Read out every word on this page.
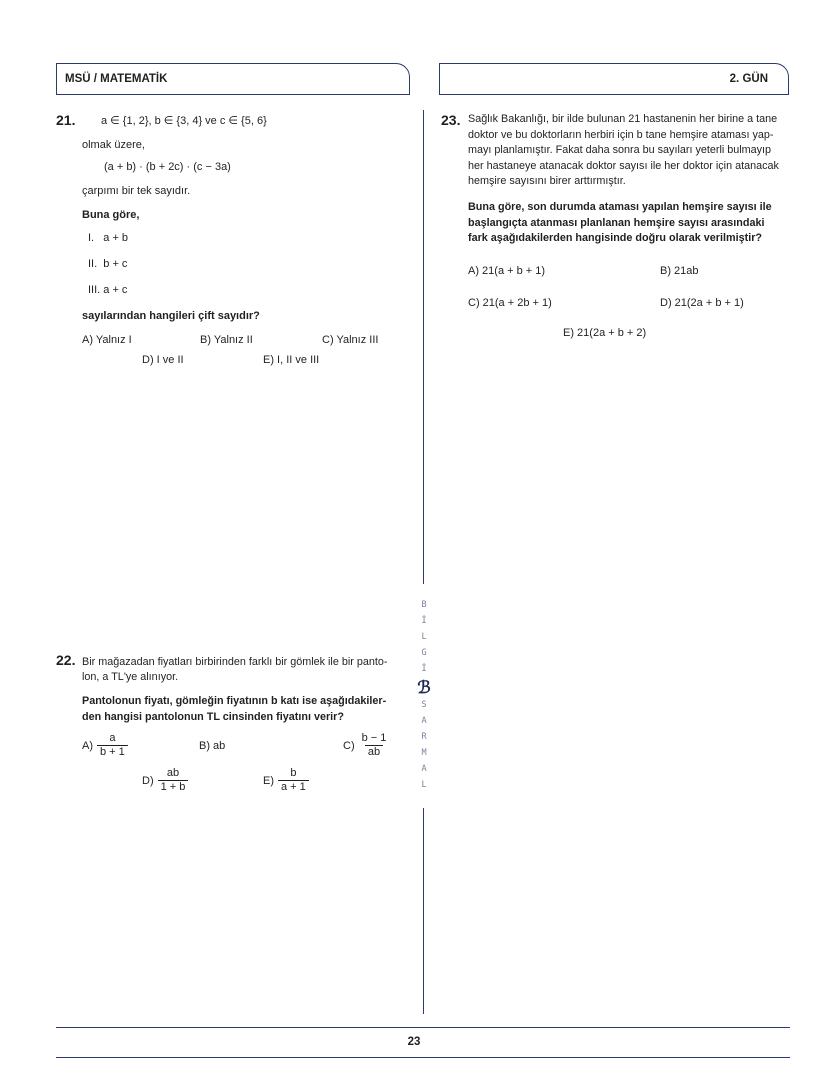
MSÜ / MATEMATİK	2. GÜN
21. a ∈ {1, 2}, b ∈ {3, 4} ve c ∈ {5, 6}
olmak üzere,
(a + b) · (b + 2c) · (c − 3a)
çarpımı bir tek sayıdır.
Buna göre,
I.   a + b
II.  b + c
III. a + c
sayılarından hangileri çift sayıdır?
A) Yalnız I	B) Yalnız II	C) Yalnız III
D) I ve II	E) I, II ve III
22. Bir mağazadan fiyatları birbirinden farklı bir gömlek ile bir panto-
lon, a TL'ye alınıyor.
Pantolonun fiyatı, gömleğin fiyatının b katı ise aşağıdakiler-
den hangisi pantolonun TL cinsinden fiyatını verir?
$A) \frac{a}{b + 1}$	B) ab	$C) \frac{b - 1}{ab}$
$D) \frac{ab}{1 + b}$	$E) \frac{b}{a + 1}$
23. Sağlık Bakanlığı, bir ilde bulunan 21 hastanenin her birine a tane
doktor ve bu doktorların herbiri için b tane hemşire ataması yap-
mayı planlamıştır. Fakat daha sonra bu sayıları yeterli bulmayıp
her hastaneye atanacak doktor sayısı ile her doktor için atanacak
hemşire sayısını birer arttırmıştır.
Buna göre, son durumda ataması yapılan hemşire sayısı ile
başlangıçta atanması planlanan hemşire sayısı arasındaki
fark aşağıdakilerden hangisinde doğru olarak verilmiştir?
A) 21(a + b + 1)	B) 21ab
C) 21(a + 2b + 1)	D) 21(2a + b + 1)
E) 21(2a + b + 2)
B
İ
L
G
İ
ℬ
S
A
R
M
A
L
23
